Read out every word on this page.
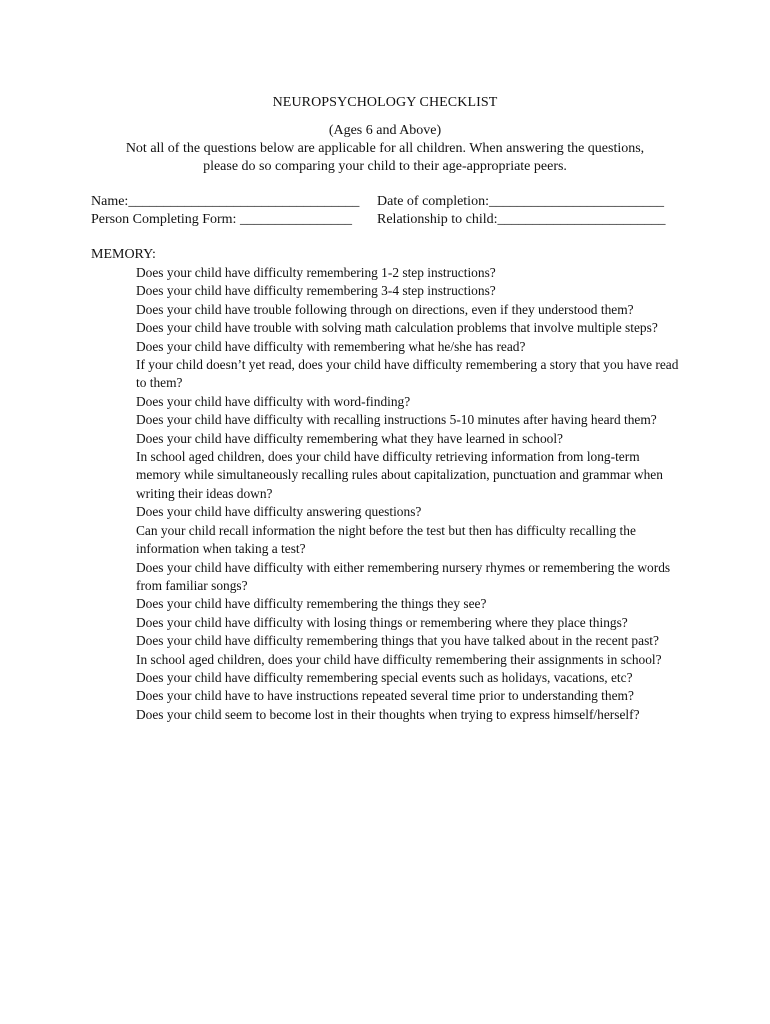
NEUROPSYCHOLOGY CHECKLIST
(Ages 6 and Above)
Not all of the questions below are applicable for all children. When answering the questions,
please do so comparing your child to their age-appropriate peers.
Name:_________________________________ Date of completion:_________________________
Person Completing Form: ________________ Relationship to child:________________________
MEMORY:
Does your child have difficulty remembering 1-2 step instructions?
Does your child have difficulty remembering 3-4 step instructions?
Does your child have trouble following through on directions, even if they understood them?
Does your child have trouble with solving math calculation problems that involve multiple steps?
Does your child have difficulty with remembering what he/she has read?
If your child doesn’t yet read, does your child have difficulty remembering a story that you have read to them?
Does your child have difficulty with word-finding?
Does your child have difficulty with recalling instructions 5-10 minutes after having heard them?
Does your child have difficulty remembering what they have learned in school?
In school aged children, does your child have difficulty retrieving information from long-term memory while simultaneously recalling rules about capitalization, punctuation and grammar when writing their ideas down?
Does your child have difficulty answering questions?
Can your child recall information the night before the test but then has difficulty recalling the information when taking a test?
Does your child have difficulty with either remembering nursery rhymes or remembering the words from familiar songs?
Does your child have difficulty remembering the things they see?
Does your child have difficulty with losing things or remembering where they place things?
Does your child have difficulty remembering things that you have talked about in the recent past?
In school aged children, does your child have difficulty remembering their assignments in school?
Does your child have difficulty remembering special events such as holidays, vacations, etc?
Does your child have to have instructions repeated several time prior to understanding them?
Does your child seem to become lost in their thoughts when trying to express himself/herself?
